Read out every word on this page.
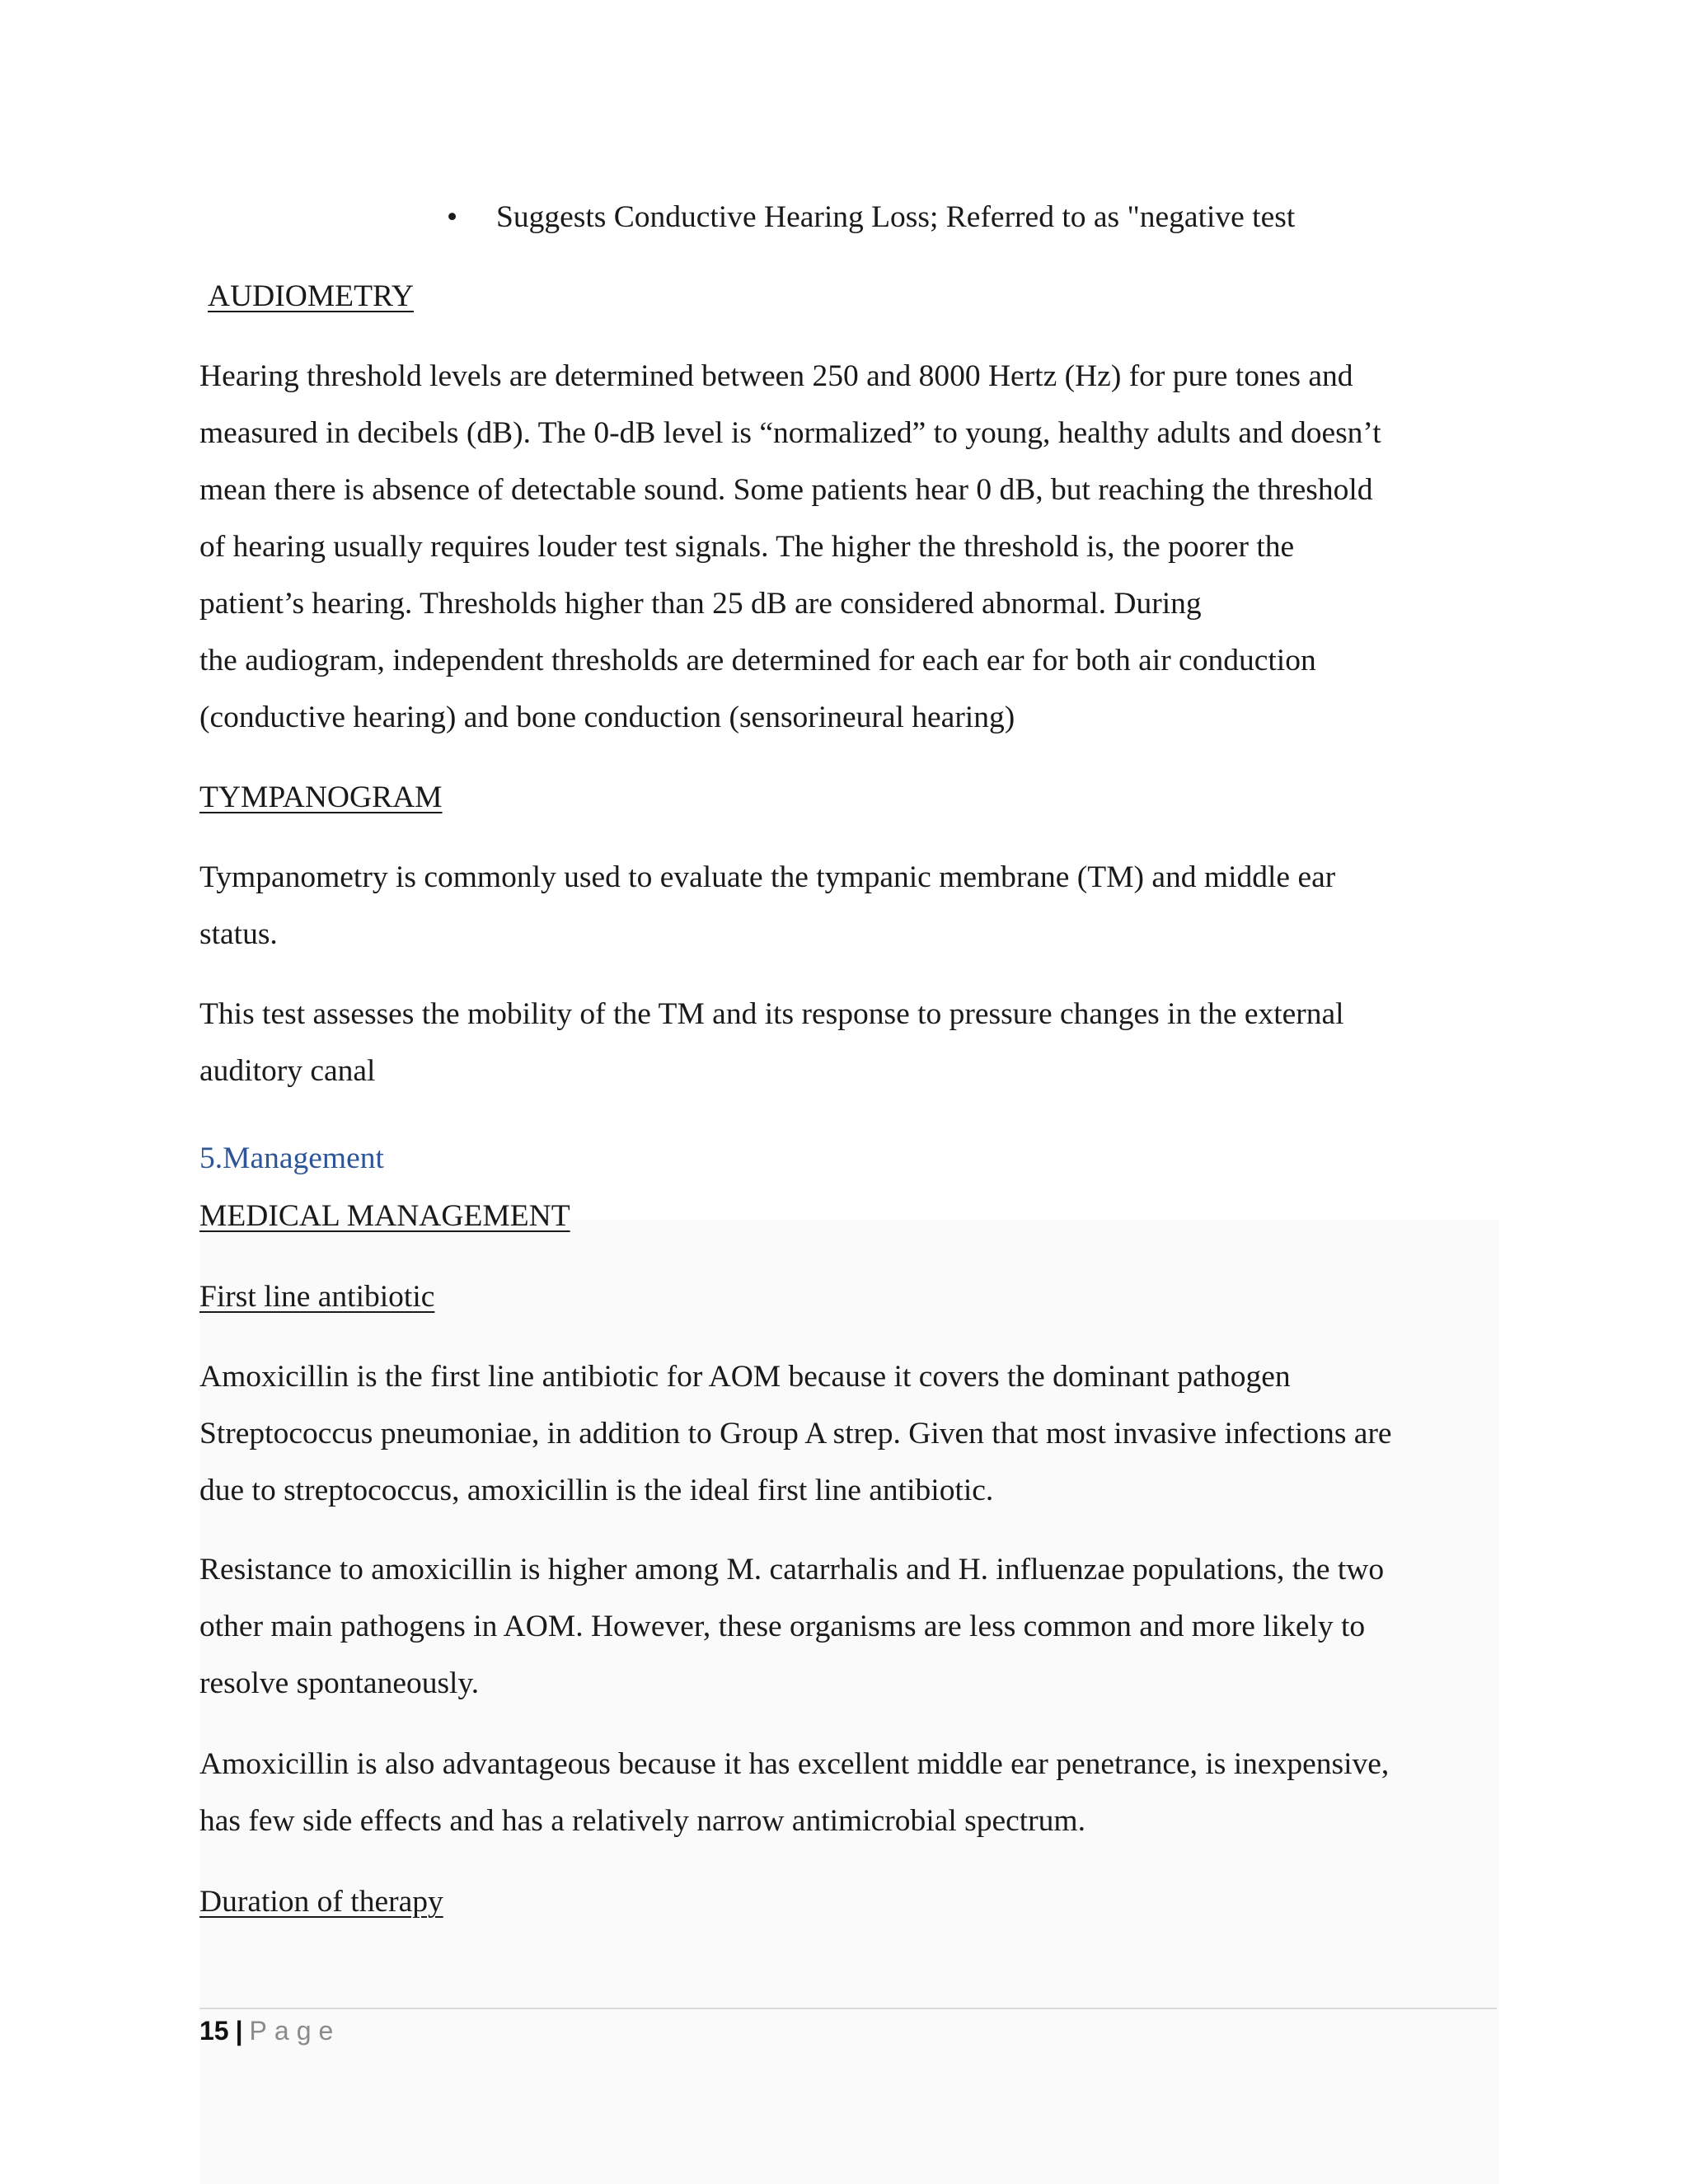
• Suggests Conductive Hearing Loss; Referred to as "negative test
AUDIOMETRY

Hearing threshold levels are determined between 250 and 8000 Hertz (Hz) for pure tones and
measured in decibels (dB). The 0-dB level is “normalized” to young, healthy adults and doesn’t
mean there is absence of detectable sound. Some patients hear 0 dB, but reaching the threshold
of hearing usually requires louder test signals. The higher the threshold is, the poorer the
patient’s hearing. Thresholds higher than 25 dB are considered abnormal. During
the audiogram, independent thresholds are determined for each ear for both air conduction
(conductive hearing) and bone conduction (sensorineural hearing)

TYMPANOGRAM

Tympanometry is commonly used to evaluate the tympanic membrane (TM) and middle ear
status.

This test assesses the mobility of the TM and its response to pressure changes in the external
auditory canal

5.Management
MEDICAL MANAGEMENT
First line antibiotic

Amoxicillin is the first line antibiotic for AOM because it covers the dominant pathogen
Streptococcus pneumoniae, in addition to Group A strep. Given that most invasive infections are
due to streptococcus, amoxicillin is the ideal first line antibiotic.

Resistance to amoxicillin is higher among M. catarrhalis and H. influenzae populations, the two
other main pathogens in AOM. However, these organisms are less common and more likely to
resolve spontaneously.

Amoxicillin is also advantageous because it has excellent middle ear penetrance, is inexpensive,
has few side effects and has a relatively narrow antimicrobial spectrum.

Duration of therapy
15 | Page
